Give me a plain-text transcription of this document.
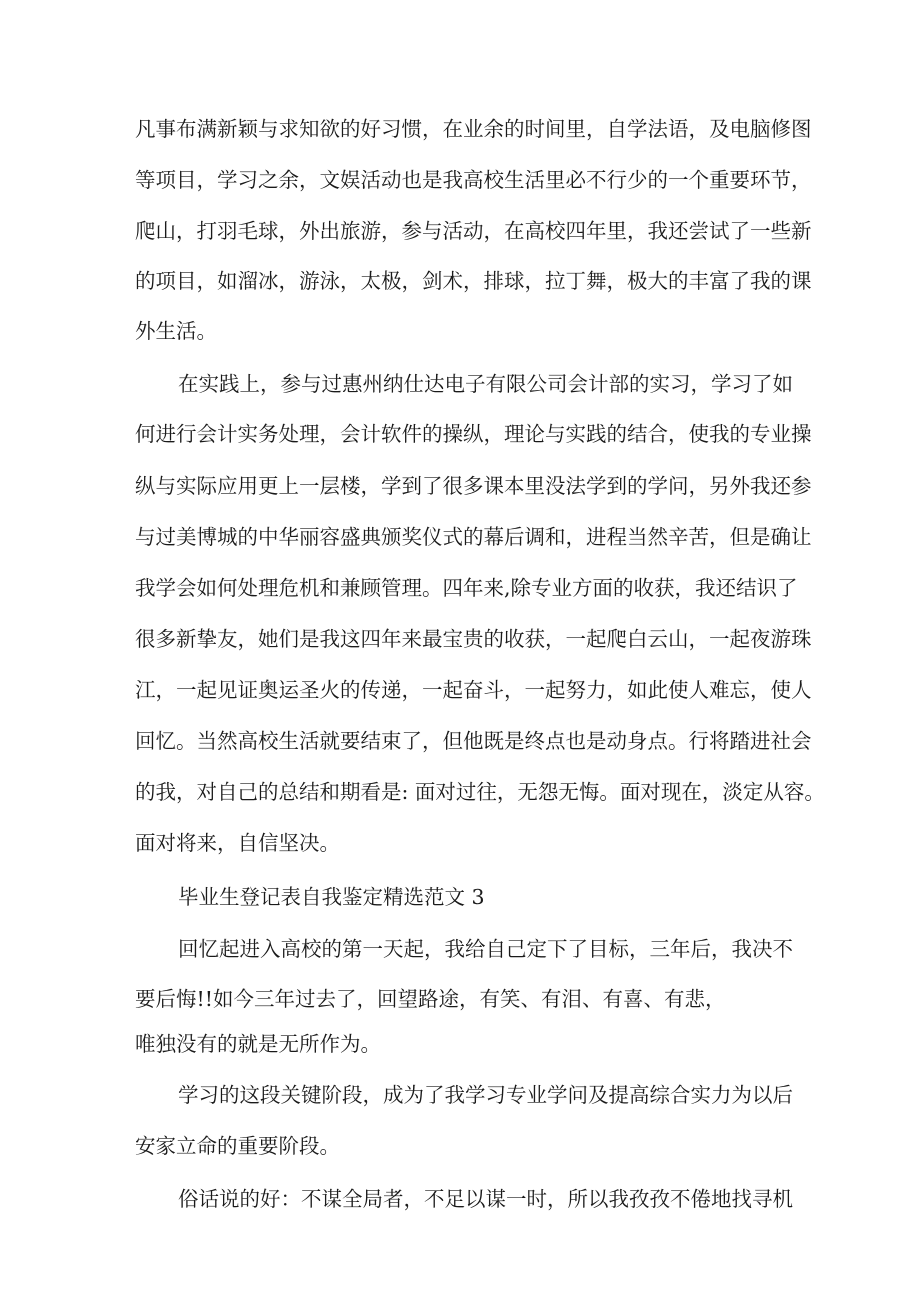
凡事布满新颖与求知欲的好习惯，在业余的时间里，自学法语，及电脑修图
等项目，学习之余，文娱活动也是我高校生活里必不行少的一个重要环节，
爬山，打羽毛球，外出旅游，参与活动，在高校四年里，我还尝试了一些新
的项目，如溜冰，游泳，太极，剑术，排球，拉丁舞，极大的丰富了我的课
外生活。
在实践上，参与过惠州纳仕达电子有限公司会计部的实习，学习了如
何进行会计实务处理，会计软件的操纵，理论与实践的结合，使我的专业操
纵与实际应用更上一层楼，学到了很多课本里没法学到的学问，另外我还参
与过美博城的中华丽容盛典颁奖仪式的幕后调和，进程当然辛苦，但是确让
我学会如何处理危机和兼顾管理。四年来,除专业方面的收获，我还结识了
很多新挚友，她们是我这四年来最宝贵的收获，一起爬白云山，一起夜游珠
江，一起见证奥运圣火的传递，一起奋斗，一起努力，如此使人难忘，使人
回忆。当然高校生活就要结束了，但他既是终点也是动身点。行将踏进社会
的我，对自己的总结和期看是: 面对过往，无怨无悔。面对现在，淡定从容。
面对将来，自信坚决。
毕业生登记表自我鉴定精选范文 3
回忆起进入高校的第一天起，我给自己定下了目标，三年后，我决不
要后悔!!如今三年过去了，回望路途，有笑、有泪、有喜、有悲，
唯独没有的就是无所作为。
学习的这段关键阶段，成为了我学习专业学问及提高综合实力为以后
安家立命的重要阶段。
俗话说的好：不谋全局者，不足以谋一时，所以我孜孜不倦地找寻机
